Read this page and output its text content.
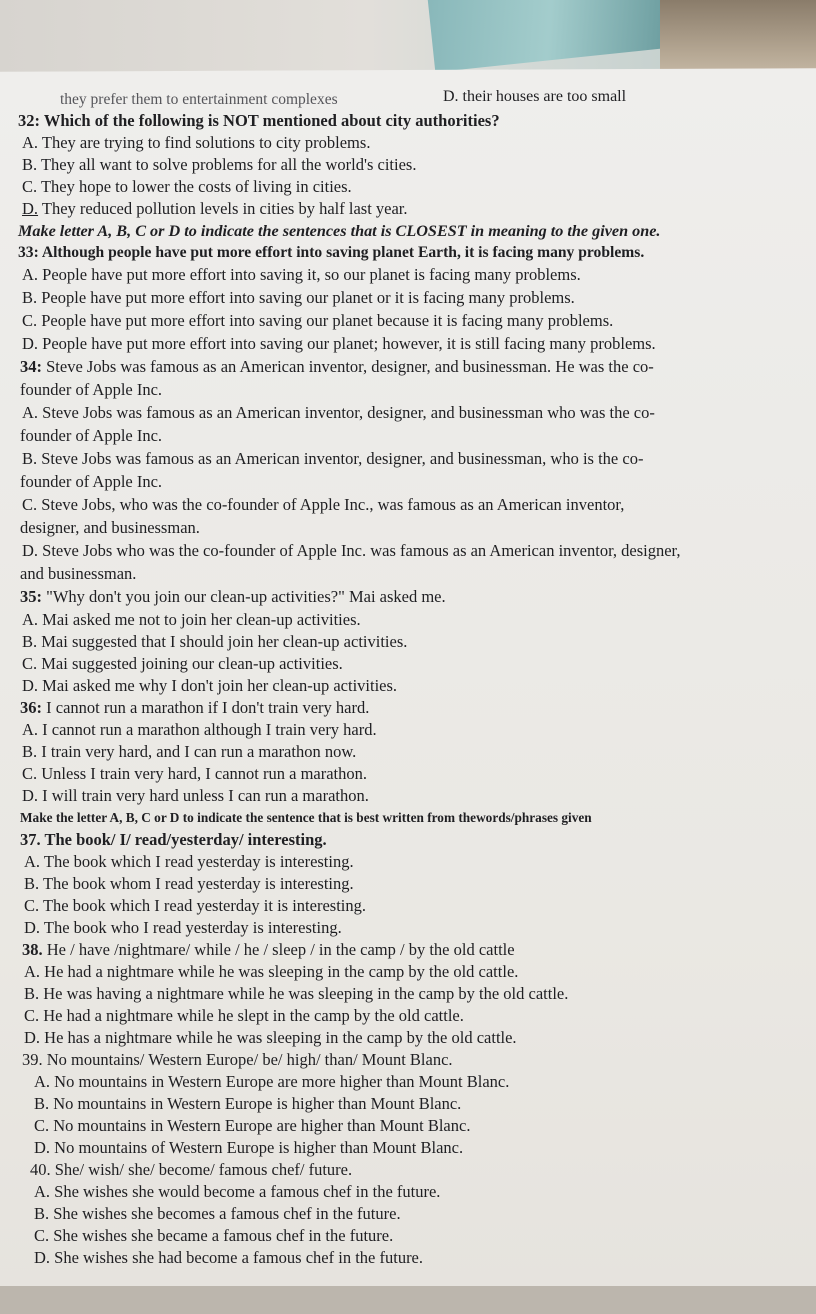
they prefer them to entertainment complexes	D. their houses are too small
32: Which of the following is NOT mentioned about city authorities?
A. They are trying to find solutions to city problems.
B. They all want to solve problems for all the world's cities.
C. They hope to lower the costs of living in cities.
D. They reduced pollution levels in cities by half last year.
Make letter A, B, C or D to indicate the sentences that is CLOSEST in meaning to the given one.
33: Although people have put more effort into saving planet Earth, it is facing many problems.
A. People have put more effort into saving it, so our planet is facing many problems.
B. People have put more effort into saving our planet or it is facing many problems.
C. People have put more effort into saving our planet because it is facing many problems.
D. People have put more effort into saving our planet; however, it is still facing many problems.
34: Steve Jobs was famous as an American inventor, designer, and businessman. He was the co-
founder of Apple Inc.
A. Steve Jobs was famous as an American inventor, designer, and businessman who was the co-
founder of Apple Inc.
B. Steve Jobs was famous as an American inventor, designer, and businessman, who is the co-
founder of Apple Inc.
C. Steve Jobs, who was the co-founder of Apple Inc., was famous as an American inventor,
designer, and businessman.
D. Steve Jobs who was the co-founder of Apple Inc. was famous as an American inventor, designer,
and businessman.
35: "Why don't you join our clean-up activities?" Mai asked me.
A. Mai asked me not to join her clean-up activities.
B. Mai suggested that I should join her clean-up activities.
C. Mai suggested joining our clean-up activities.
D. Mai asked me why I don't join her clean-up activities.
36: I cannot run a marathon if I don't train very hard.
A. I cannot run a marathon although I train very hard.
B. I train very hard, and I can run a marathon now.
C. Unless I train very hard, I cannot run a marathon.
D. I will train very hard unless I can run a marathon.
Make the letter A, B, C or D to indicate the sentence that is best written from thewords/phrases given
37. The book/ I/ read/yesterday/ interesting.
A. The book which I read yesterday is interesting.
B. The book whom I read yesterday is interesting.
C. The book which I read yesterday it is interesting.
D. The book who I read yesterday is interesting.
38. He / have /nightmare/ while / he / sleep / in the camp / by the old cattle
A. He had a nightmare while he was sleeping in the camp by the old cattle.
B. He was having a nightmare while he was sleeping in the camp by the old cattle.
C. He had a nightmare while he slept in the camp by the old cattle.
D. He has a nightmare while he was sleeping in the camp by the old cattle.
39. No mountains/ Western Europe/ be/ high/ than/ Mount Blanc.
A. No mountains in Western Europe are more higher than Mount Blanc.
B. No mountains in Western Europe is higher than Mount Blanc.
C. No mountains in Western Europe are higher than Mount Blanc.
D. No mountains of Western Europe is higher than Mount Blanc.
40. She/ wish/ she/ become/ famous chef/ future.
A. She wishes she would become a famous chef in the future.
B. She wishes she becomes a famous chef in the future.
C. She wishes she became a famous chef in the future.
D. She wishes she had become a famous chef in the future.
